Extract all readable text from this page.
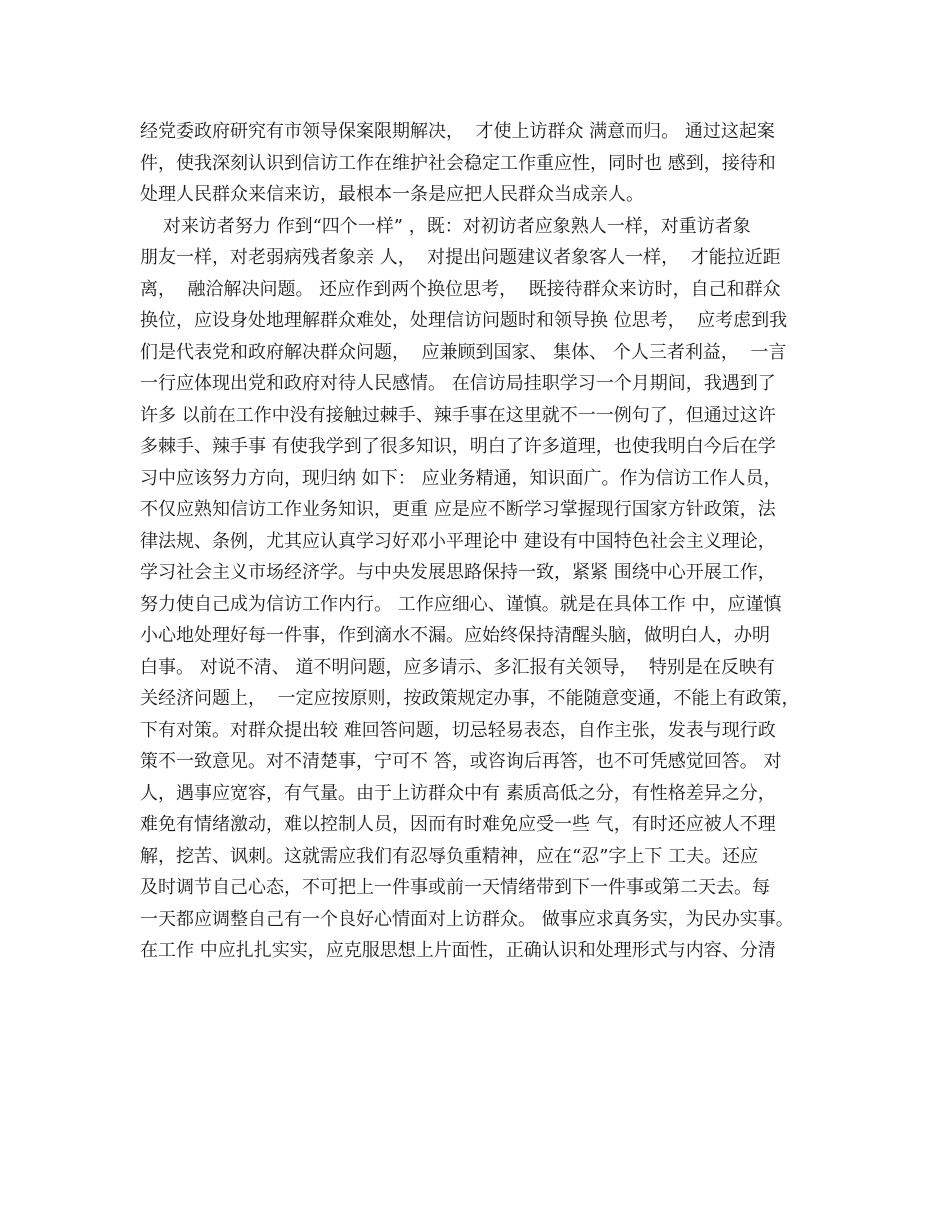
经党委政府研究有市领导保案限期解决，  才使上访群众 满意而归。 通过这起案
件，使我深刻认识到信访工作在维护社会稳定工作重应性，同时也 感到，接待和
处理人民群众来信来访，最根本一条是应把人民群众当成亲人。
对来访者努力 作到“四个一样” ，既：对初访者应象熟人一样，对重访者象
朋友一样，对老弱病残者象亲 人，  对提出问题建议者象客人一样，  才能拉近距
离，  融洽解决问题。 还应作到两个换位思考，  既接待群众来访时，自己和群众
换位，应设身处地理解群众难处，处理信访问题时和领导换 位思考，  应考虑到我
们是代表党和政府解决群众问题，  应兼顾到国家、 集体、 个人三者利益，  一言
一行应体现出党和政府对待人民感情。 在信访局挂职学习一个月期间，我遇到了
许多 以前在工作中没有接触过棘手、辣手事在这里就不一一例句了，但通过这许
多棘手、辣手事 有使我学到了很多知识，明白了许多道理，也使我明白今后在学
习中应该努力方向，现归纳 如下： 应业务精通，知识面广。作为信访工作人员，
不仅应熟知信访工作业务知识，更重 应是应不断学习掌握现行国家方针政策，法
律法规、条例，尤其应认真学习好邓小平理论中 建设有中国特色社会主义理论，
学习社会主义市场经济学。与中央发展思路保持一致，紧紧 围绕中心开展工作，
努力使自己成为信访工作内行。 工作应细心、谨慎。就是在具体工作 中，应谨慎
小心地处理好每一件事，作到滴水不漏。应始终保持清醒头脑，做明白人，办明
白事。 对说不清、 道不明问题，应多请示、多汇报有关领导，  特别是在反映有
关经济问题上，  一定应按原则，按政策规定办事，不能随意变通，不能上有政策，
下有对策。对群众提出较 难回答问题，切忌轻易表态，自作主张，发表与现行政
策不一致意见。对不清楚事，宁可不 答，或咨询后再答，也不可凭感觉回答。 对
人，遇事应宽容，有气量。由于上访群众中有 素质高低之分，有性格差异之分，
难免有情绪激动，难以控制人员，因而有时难免应受一些 气，有时还应被人不理
解，挖苦、讽刺。这就需应我们有忍辱负重精神，应在“忍”字上下 工夫。还应
及时调节自己心态，不可把上一件事或前一天情绪带到下一件事或第二天去。每
一天都应调整自己有一个良好心情面对上访群众。 做事应求真务实，为民办实事。
在工作 中应扎扎实实，应克服思想上片面性，正确认识和处理形式与内容、分清
